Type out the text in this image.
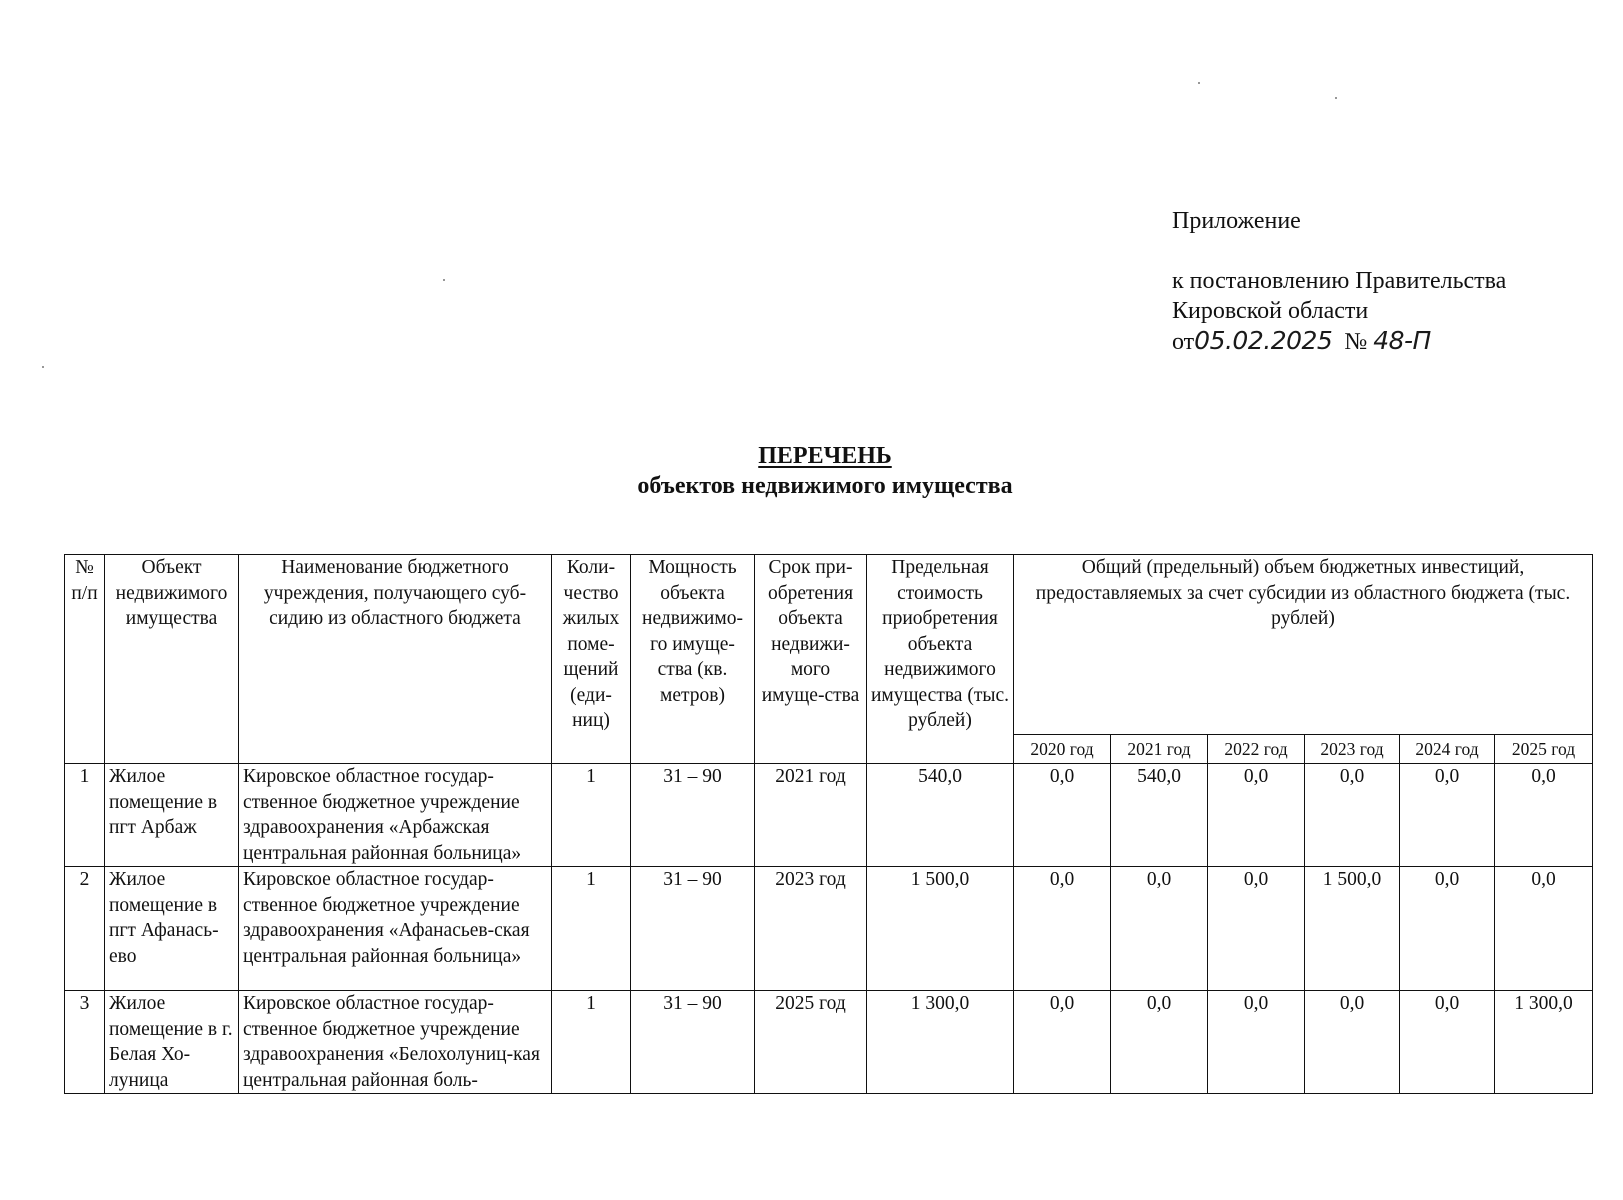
Приложение
к постановлению Правительства
Кировской области
от05.02.2025 № 48-П
ПЕРЕЧЕНЬ
объектов недвижимого имущества
№ п/п	Объект недвижимого имущества	Наименование бюджетного учреждения, получающего суб-сидию из областного бюджета	Коли-чество жилых поме-щений (еди-ниц)	Мощность объекта недвижимо-го имуще-ства (кв. метров)	Срок при-обретения объекта недвижи-мого имуще-ства	Предельная стоимость приобретения объекта недвижимого имущества (тыс. рублей)	Общий (предельный) объем бюджетных инвестиций, предоставляемых за счет субсидии из областного бюджета (тыс. рублей)					
							2020 год	2021 год	2022 год	2023 год	2024 год	2025 год
1	Жилое помещение в пгт Арбаж	Кировское областное государ-ственное бюджетное учреждение здравоохранения «Арбажская центральная районная больница»	1	31 – 90	2021 год	540,0	0,0	540,0	0,0	0,0	0,0	0,0
2	Жилое помещение в пгт Афанась-ево	Кировское областное государ-ственное бюджетное учреждение здравоохранения «Афанасьев-ская центральная районная больница»	1	31 – 90	2023 год	1 500,0	0,0	0,0	0,0	1 500,0	0,0	0,0
3	Жилое помещение в г. Белая Хо-луница	Кировское областное государ-ственное бюджетное учреждение здравоохранения «Белохолуниц-кая центральная районная боль-	1	31 – 90	2025 год	1 300,0	0,0	0,0	0,0	0,0	0,0	1 300,0
